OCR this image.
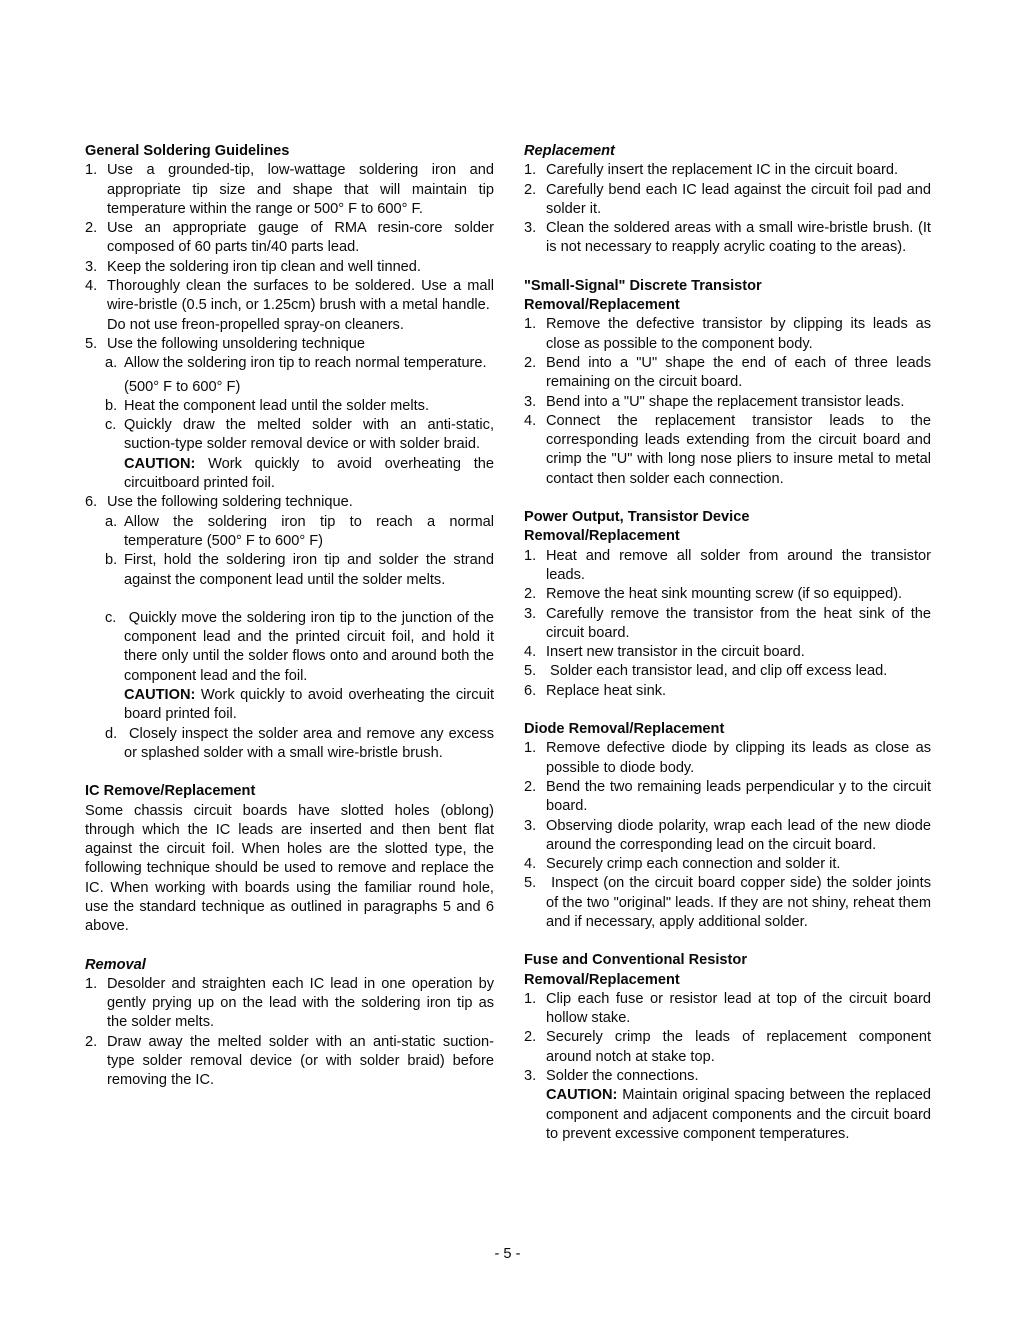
General Soldering Guidelines
1. Use a grounded-tip, low-wattage soldering iron and appropriate tip size and shape that will maintain tip temperature within the range or 500° F to 600° F.
2. Use an appropriate gauge of RMA resin-core solder composed of 60 parts tin/40 parts lead.
3. Keep the soldering iron tip clean and well tinned.
4. Thoroughly clean the surfaces to be soldered. Use a mall wire-bristle (0.5 inch, or 1.25cm) brush with a metal handle.
Do not use freon-propelled spray-on cleaners.
5. Use the following unsoldering technique
a. Allow the soldering iron tip to reach normal temperature.
(500° F to 600° F)
b. Heat the component lead until the solder melts.
c. Quickly draw the melted solder with an anti-static, suction-type solder removal device or with solder braid.
CAUTION: Work quickly to avoid overheating the circuitboard printed foil.
6. Use the following soldering technique.
a. Allow the soldering iron tip to reach a normal temperature (500° F to 600° F)
b. First, hold the soldering iron tip and solder the strand against the component lead until the solder melts.
c. Quickly move the soldering iron tip to the junction of the component lead and the printed circuit foil, and hold it there only until the solder flows onto and around both the component lead and the foil.
CAUTION: Work quickly to avoid overheating the circuit board printed foil.
d. Closely inspect the solder area and remove any excess or splashed solder with a small wire-bristle brush.
IC Remove/Replacement
Some chassis circuit boards have slotted holes (oblong) through which the IC leads are inserted and then bent flat against the circuit foil. When holes are the slotted type, the following technique should be used to remove and replace the IC. When working with boards using the familiar round hole, use the standard technique as outlined in paragraphs 5 and 6 above.
Removal
1. Desolder and straighten each IC lead in one operation by gently prying up on the lead with the soldering iron tip as the solder melts.
2. Draw away the melted solder with an anti-static suction-type solder removal device (or with solder braid) before removing the IC.
Replacement
1. Carefully insert the replacement IC in the circuit board.
2. Carefully bend each IC lead against the circuit foil pad and solder it.
3. Clean the soldered areas with a small wire-bristle brush. (It is not necessary to reapply acrylic coating to the areas).
"Small-Signal" Discrete Transistor
Removal/Replacement
1. Remove the defective transistor by clipping its leads as close as possible to the component body.
2. Bend into a "U" shape the end of each of three leads remaining on the circuit board.
3. Bend into a "U" shape the replacement transistor leads.
4. Connect the replacement transistor leads to the corresponding leads extending from the circuit board and crimp the "U" with long nose pliers to insure metal to metal contact then solder each connection.
Power Output, Transistor Device
Removal/Replacement
1. Heat and remove all solder from around the transistor leads.
2. Remove the heat sink mounting screw (if so equipped).
3. Carefully remove the transistor from the heat sink of the circuit board.
4. Insert new transistor in the circuit board.
5. Solder each transistor lead, and clip off excess lead.
6. Replace heat sink.
Diode Removal/Replacement
1. Remove defective diode by clipping its leads as close as possible to diode body.
2. Bend the two remaining leads perpendicular y to the circuit board.
3. Observing diode polarity, wrap each lead of the new diode around the corresponding lead on the circuit board.
4. Securely crimp each connection and solder it.
5. Inspect (on the circuit board copper side) the solder joints of the two "original" leads. If they are not shiny, reheat them and if necessary, apply additional solder.
Fuse and Conventional Resistor
Removal/Replacement
1. Clip each fuse or resistor lead at top of the circuit board hollow stake.
2. Securely crimp the leads of replacement component around notch at stake top.
3. Solder the connections.
CAUTION: Maintain original spacing between the replaced component and adjacent components and the circuit board to prevent excessive component temperatures.
- 5 -
